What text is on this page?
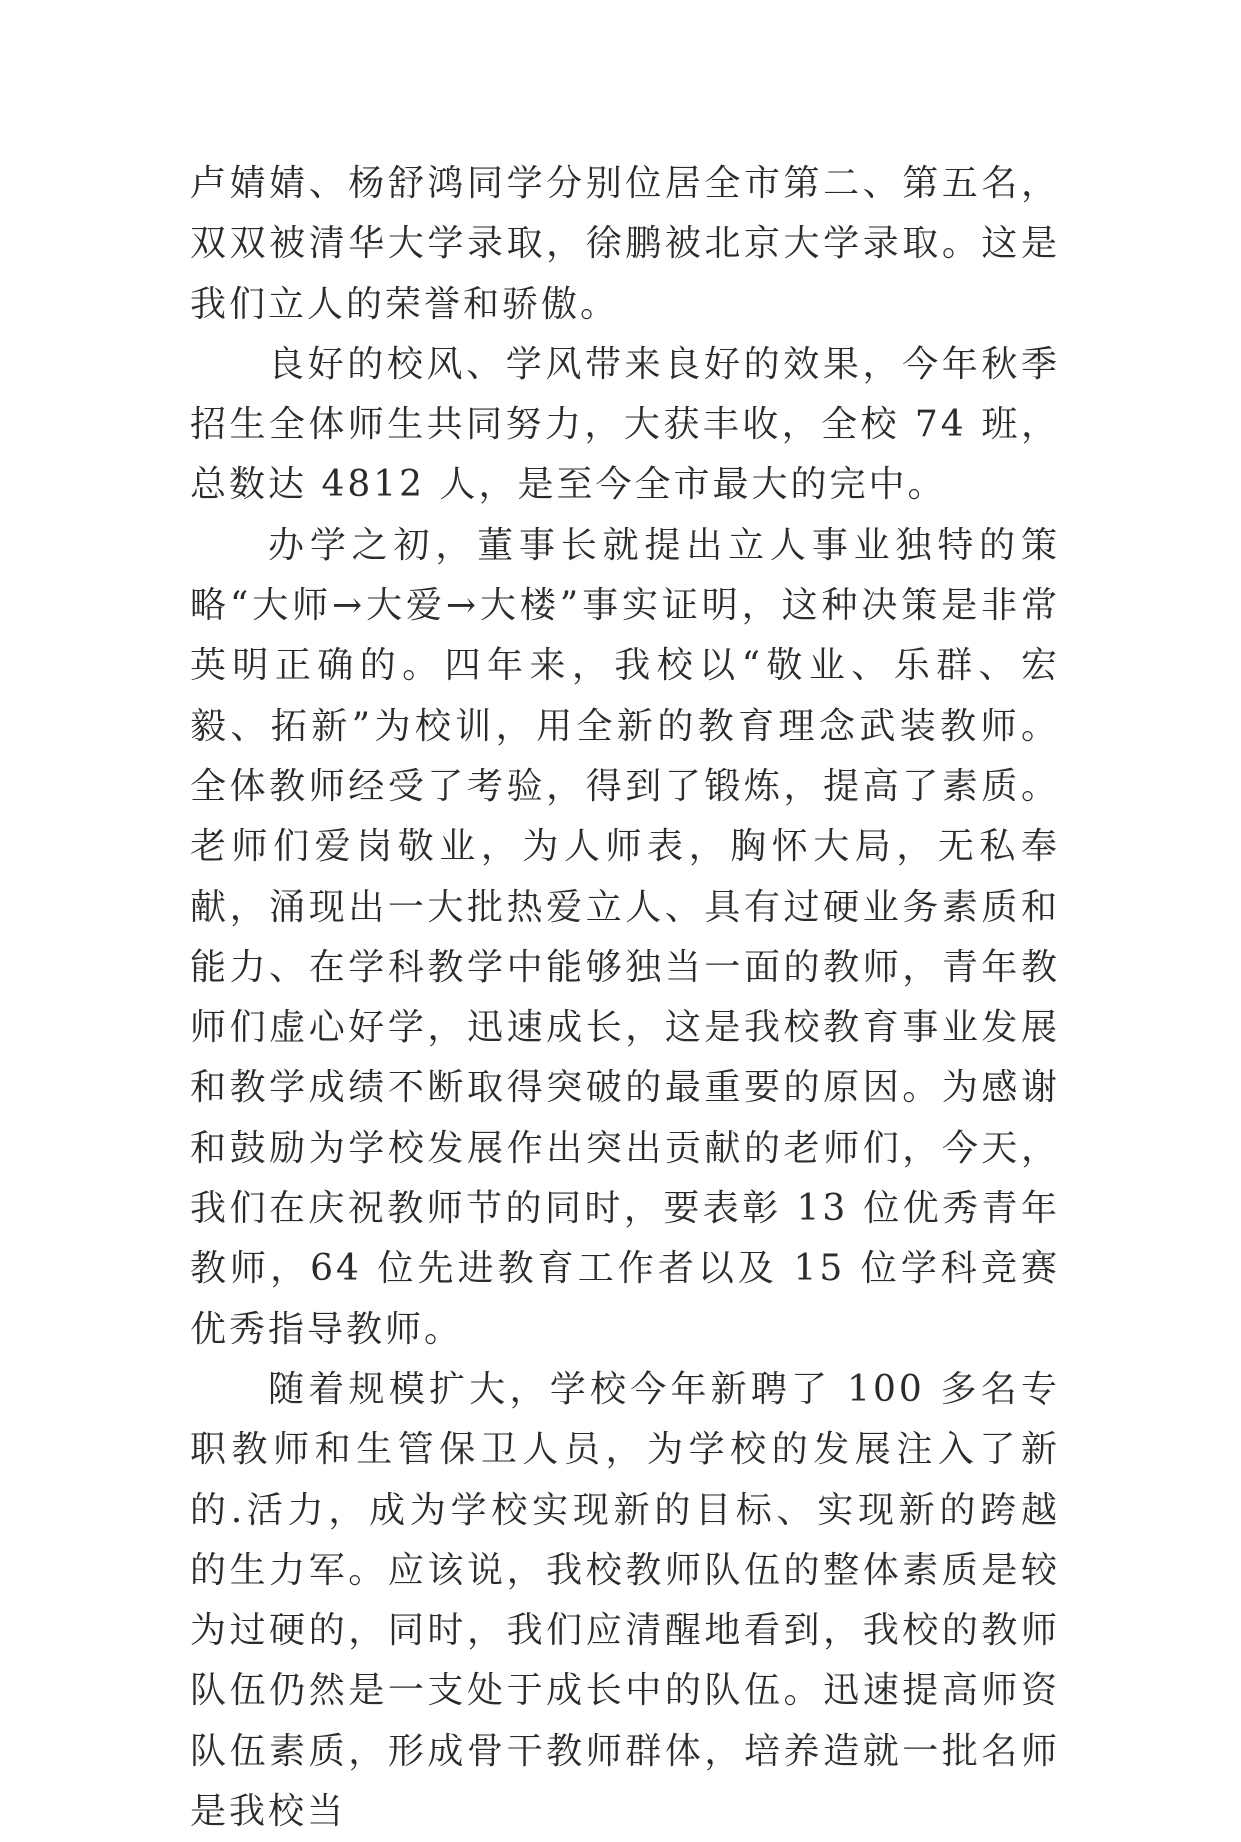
卢婧婧、杨舒鸿同学分别位居全市第二、第五名，双双被清华大学录取，徐鹏被北京大学录取。这是我们立人的荣誉和骄傲。

良好的校风、学风带来良好的效果，今年秋季招生全体师生共同努力，大获丰收，全校 74 班，总数达 4812 人，是至今全市最大的完中。

办学之初，董事长就提出立人事业独特的策略“大师→大爱→大楼”事实证明，这种决策是非常英明正确的。四年来，我校以“敬业、乐群、宏毅、拓新”为校训，用全新的教育理念武装教师。全体教师经受了考验，得到了锻炼，提高了素质。老师们爱岗敬业，为人师表，胸怀大局，无私奉献，涌现出一大批热爱立人、具有过硬业务素质和能力、在学科教学中能够独当一面的教师，青年教师们虚心好学，迅速成长，这是我校教育事业发展和教学成绩不断取得突破的最重要的原因。为感谢和鼓励为学校发展作出突出贡献的老师们，今天，我们在庆祝教师节的同时，要表彰 13 位优秀青年教师，64 位先进教育工作者以及 15 位学科竞赛优秀指导教师。

随着规模扩大，学校今年新聘了 100 多名专职教师和生管保卫人员，为学校的发展注入了新的.活力，成为学校实现新的目标、实现新的跨越的生力军。应该说，我校教师队伍的整体素质是较为过硬的，同时，我们应清醒地看到，我校的教师队伍仍然是一支处于成长中的队伍。迅速提高师资队伍素质，形成骨干教师群体，培养造就一批名师是我校当
